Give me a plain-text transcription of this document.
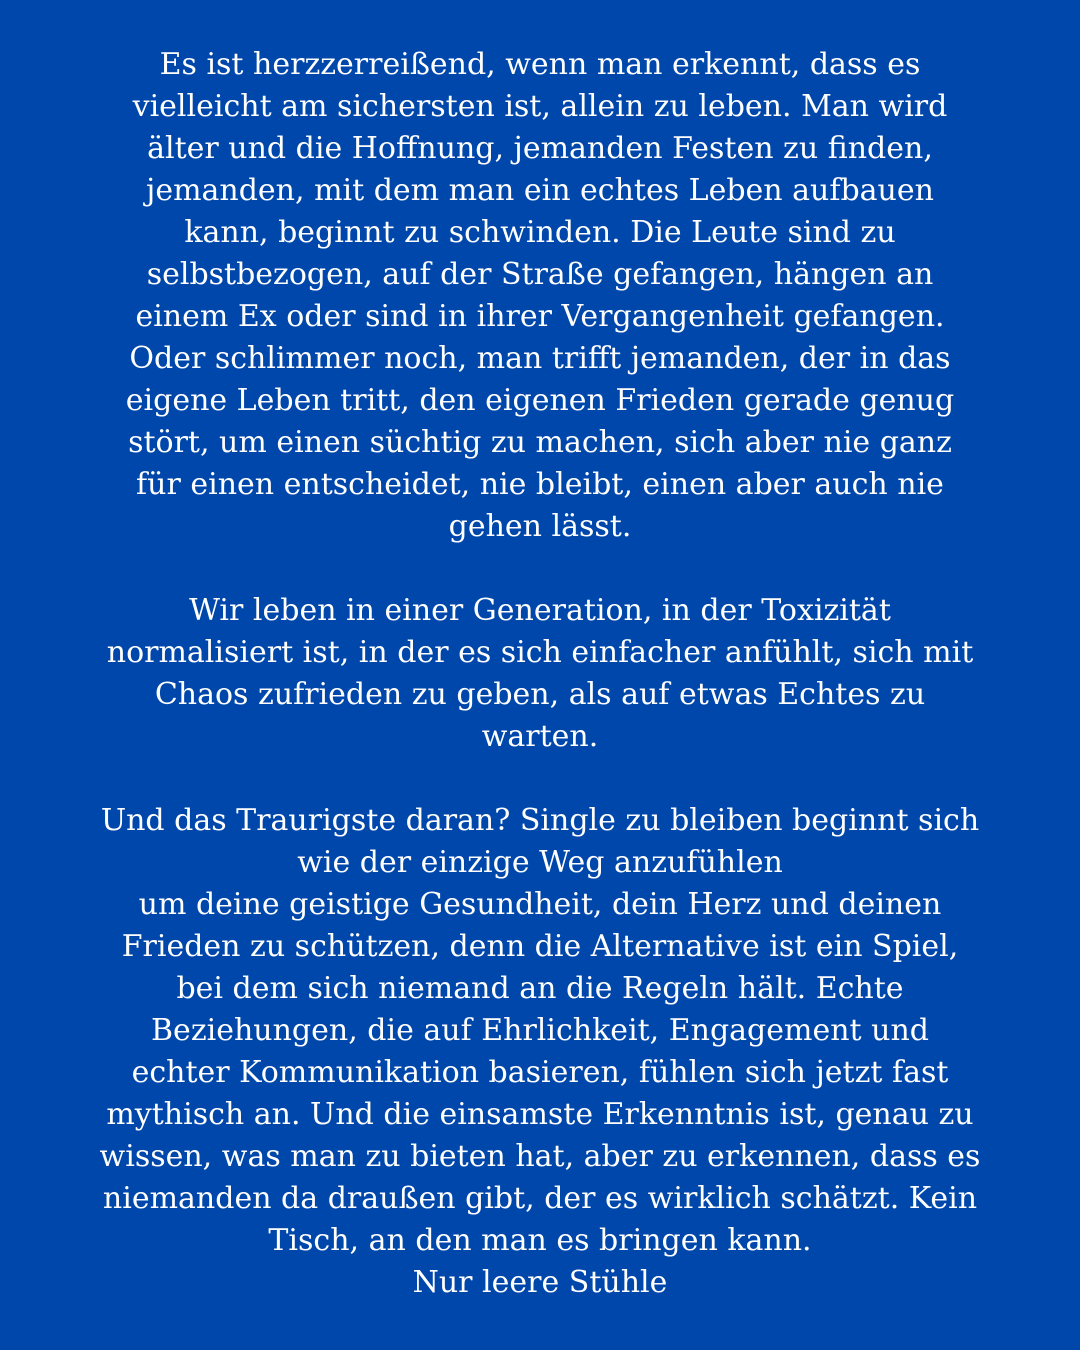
Es ist herzzerreißend, wenn man erkennt, dass es
vielleicht am sichersten ist, allein zu leben. Man wird
älter und die Hoffnung, jemanden Festen zu finden,
jemanden, mit dem man ein echtes Leben aufbauen
kann, beginnt zu schwinden. Die Leute sind zu
selbstbezogen, auf der Straße gefangen, hängen an
einem Ex oder sind in ihrer Vergangenheit gefangen.
Oder schlimmer noch, man trifft jemanden, der in das
eigene Leben tritt, den eigenen Frieden gerade genug
stört, um einen süchtig zu machen, sich aber nie ganz
für einen entscheidet, nie bleibt, einen aber auch nie
gehen lässt.

Wir leben in einer Generation, in der Toxizität
normalisiert ist, in der es sich einfacher anfühlt, sich mit
Chaos zufrieden zu geben, als auf etwas Echtes zu
warten.

Und das Traurigste daran? Single zu bleiben beginnt sich
wie der einzige Weg anzufühlen
um deine geistige Gesundheit, dein Herz und deinen
Frieden zu schützen, denn die Alternative ist ein Spiel,
bei dem sich niemand an die Regeln hält. Echte
Beziehungen, die auf Ehrlichkeit, Engagement und
echter Kommunikation basieren, fühlen sich jetzt fast
mythisch an. Und die einsamste Erkenntnis ist, genau zu
wissen, was man zu bieten hat, aber zu erkennen, dass es
niemanden da draußen gibt, der es wirklich schätzt. Kein
Tisch, an den man es bringen kann.
Nur leere Stühle
